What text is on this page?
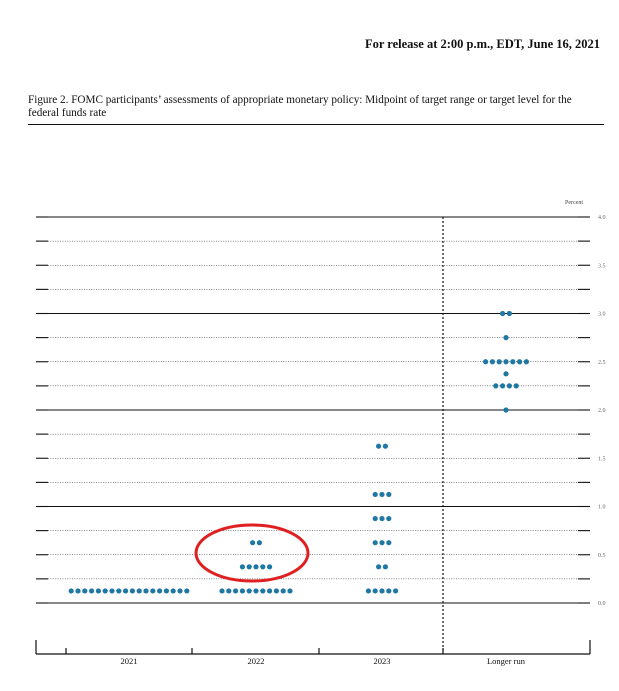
For release at 2:00 p.m., EDT, June 16, 2021
Figure 2. FOMC participants’ assessments of appropriate monetary policy: Midpoint of target range or target level for the federal funds rate
0.0
0.5
1.0
1.5
2.0
2.5
3.0
3.5
4.0
2021	2022	2023	Longer run
Percent
